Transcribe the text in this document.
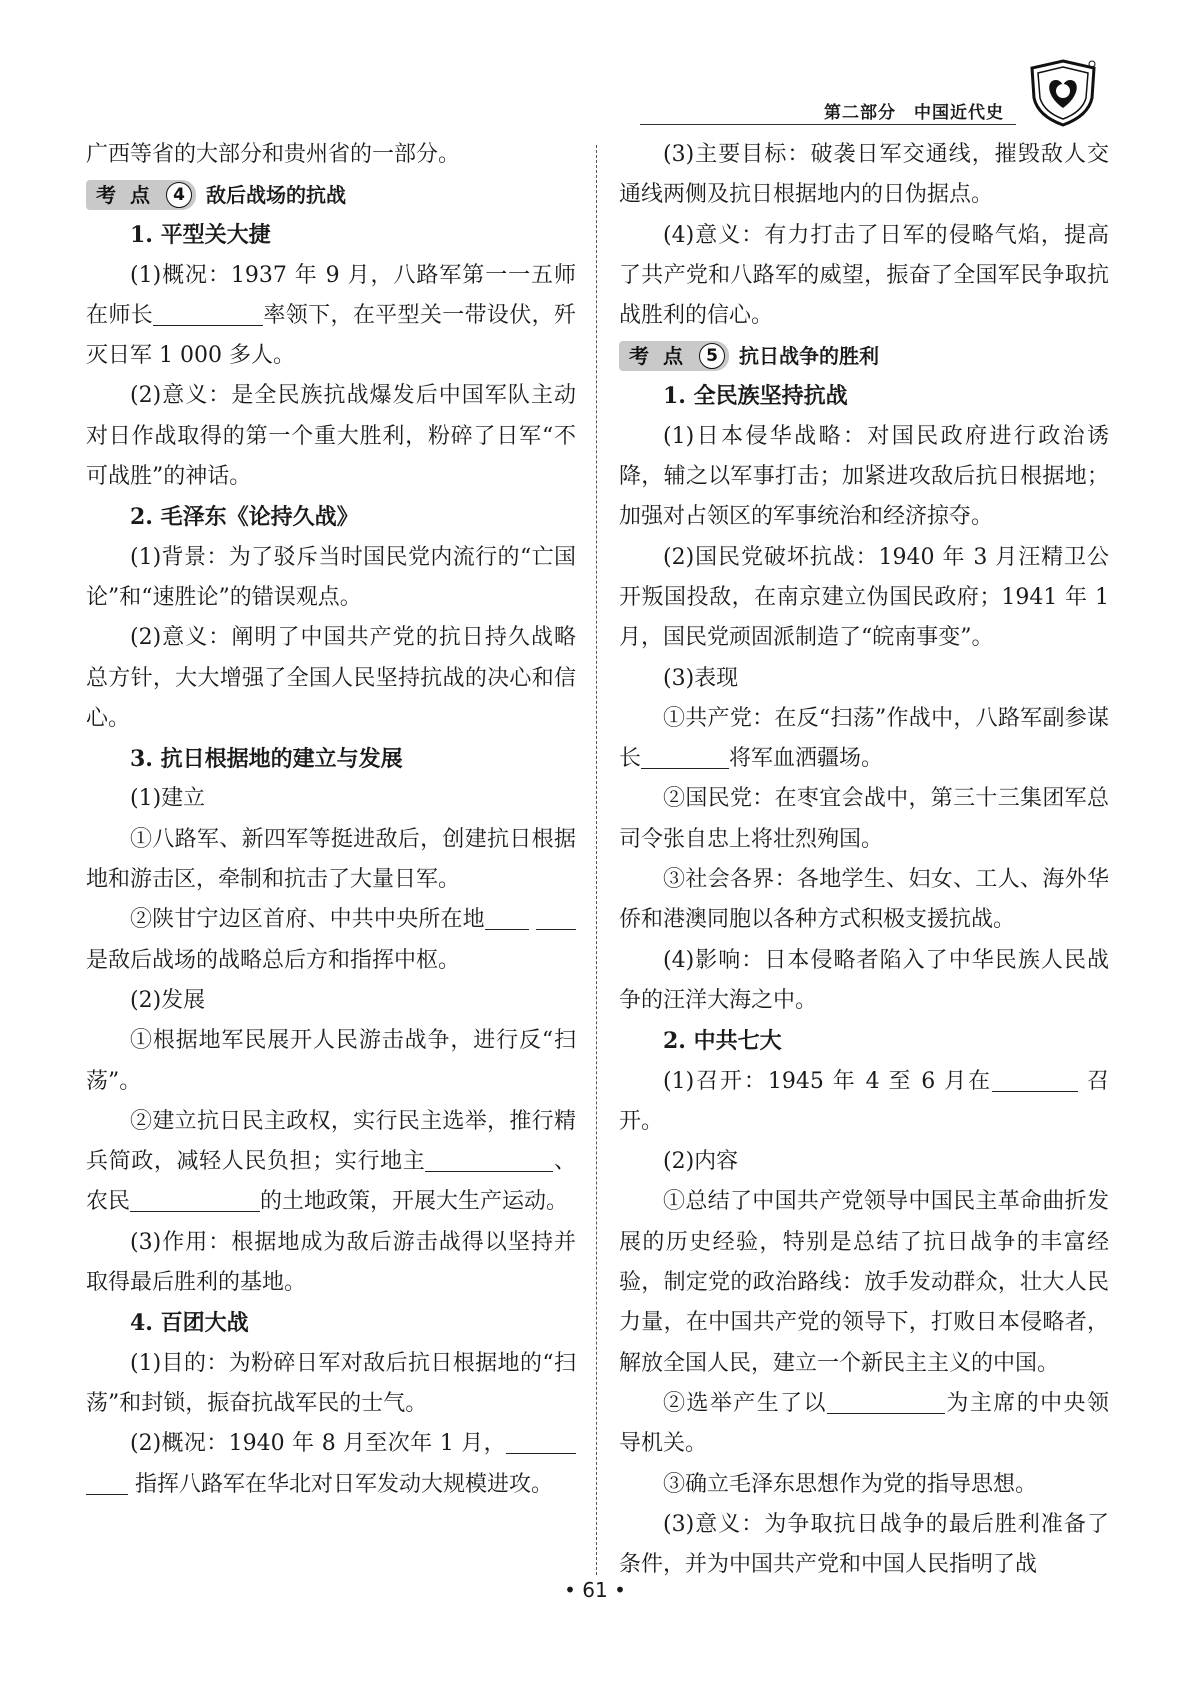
第二部分　中国近代史

广西等省的大部分和贵州省的一部分。

考点 4	敌后战场的抗战

1. 平型关大捷

(1)概况：1937 年 9 月，八路军第一一五师在师长	率领下，在平型关一带设伏，歼灭日军 1 000 多人。

(2)意义：是全民族抗战爆发后中国军队主动对日作战取得的第一个重大胜利，粉碎了日军“不可战胜”的神话。

2. 毛泽东《论持久战》

(1)背景：为了驳斥当时国民党内流行的“亡国论”和“速胜论”的错误观点。

(2)意义：阐明了中国共产党的抗日持久战略总方针，大大增强了全国人民坚持抗战的决心和信心。

3. 抗日根据地的建立与发展

(1)建立

①八路军、新四军等挺进敌后，创建抗日根据地和游击区，牵制和抗击了大量日军。

②陕甘宁边区首府、中共中央所在地 是敌后战场的战略总后方和指挥中枢。

(2)发展

①根据地军民展开人民游击战争，进行反“扫荡”。

②建立抗日民主政权，实行民主选举，推行精兵简政，减轻人民负担；实行地主	、农民	的土地政策，开展大生产运动。

(3)作用：根据地成为敌后游击战得以坚持并取得最后胜利的基地。

4. 百团大战

(1)目的：为粉碎日军对敌后抗日根据地的“扫荡”和封锁，振奋抗战军民的士气。

(2)概况：1940 年 8 月至次年 1 月，  指挥八路军在华北对日军发动大规模进攻。

(3)主要目标：破袭日军交通线，摧毁敌人交通线两侧及抗日根据地内的日伪据点。

(4)意义：有力打击了日军的侵略气焰，提高了共产党和八路军的威望，振奋了全国军民争取抗战胜利的信心。

考点 5	抗日战争的胜利

1. 全民族坚持抗战

(1)日本侵华战略：对国民政府进行政治诱降，辅之以军事打击；加紧进攻敌后抗日根据地；加强对占领区的军事统治和经济掠夺。

(2)国民党破坏抗战：1940 年 3 月汪精卫公开叛国投敌，在南京建立伪国民政府；1941 年 1 月，国民党顽固派制造了“皖南事变”。

(3)表现

①共产党：在反“扫荡”作战中，八路军副参谋长	将军血洒疆场。

②国民党：在枣宜会战中，第三十三集团军总司令张自忠上将壮烈殉国。

③社会各界：各地学生、妇女、工人、海外华侨和港澳同胞以各种方式积极支援抗战。

(4)影响：日本侵略者陷入了中华民族人民战争的汪洋大海之中。

2. 中共七大

(1)召开：1945 年 4 至 6 月在	召开。

(2)内容

①总结了中国共产党领导中国民主革命曲折发展的历史经验，特别是总结了抗日战争的丰富经验，制定党的政治路线：放手发动群众，壮大人民力量，在中国共产党的领导下，打败日本侵略者，解放全国人民，建立一个新民主主义的中国。

②选举产生了以	为主席的中央领导机关。

③确立毛泽东思想作为党的指导思想。

(3)意义：为争取抗日战争的最后胜利准备了条件，并为中国共产党和中国人民指明了战

• 61 •
